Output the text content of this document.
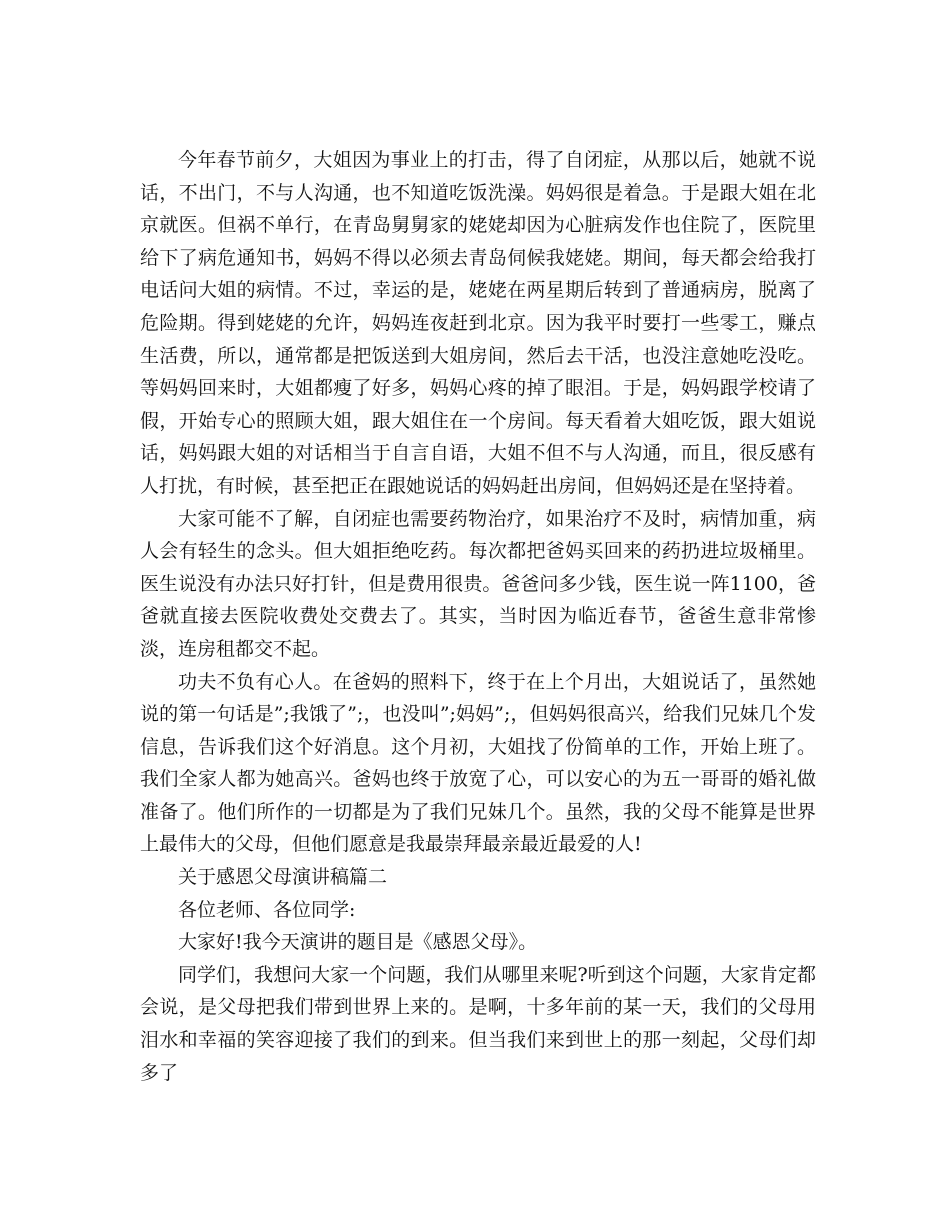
今年春节前夕，大姐因为事业上的打击，得了自闭症，从那以后，她就不说话，不出门，不与人沟通，也不知道吃饭洗澡。妈妈很是着急。于是跟大姐在北京就医。但祸不单行，在青岛舅舅家的姥姥却因为心脏病发作也住院了，医院里给下了病危通知书，妈妈不得以必须去青岛伺候我姥姥。期间，每天都会给我打电话问大姐的病情。不过，幸运的是，姥姥在两星期后转到了普通病房，脱离了危险期。得到姥姥的允许，妈妈连夜赶到北京。因为我平时要打一些零工，赚点生活费，所以，通常都是把饭送到大姐房间，然后去干活，也没注意她吃没吃。等妈妈回来时，大姐都瘦了好多，妈妈心疼的掉了眼泪。于是，妈妈跟学校请了假，开始专心的照顾大姐，跟大姐住在一个房间。每天看着大姐吃饭，跟大姐说话，妈妈跟大姐的对话相当于自言自语，大姐不但不与人沟通，而且，很反感有人打扰，有时候，甚至把正在跟她说话的妈妈赶出房间，但妈妈还是在坚持着。

大家可能不了解，自闭症也需要药物治疗，如果治疗不及时，病情加重，病人会有轻生的念头。但大姐拒绝吃药。每次都把爸妈买回来的药扔进垃圾桶里。医生说没有办法只好打针，但是费用很贵。爸爸问多少钱，医生说一阵1100，爸爸就直接去医院收费处交费去了。其实，当时因为临近春节，爸爸生意非常惨淡，连房租都交不起。

功夫不负有心人。在爸妈的照料下，终于在上个月出，大姐说话了，虽然她说的第一句话是”;我饿了”;，也没叫”;妈妈”;，但妈妈很高兴，给我们兄妹几个发信息，告诉我们这个好消息。这个月初，大姐找了份简单的工作，开始上班了。我们全家人都为她高兴。爸妈也终于放宽了心，可以安心的为五一哥哥的婚礼做准备了。他们所作的一切都是为了我们兄妹几个。虽然，我的父母不能算是世界上最伟大的父母，但他们愿意是我最崇拜最亲最近最爱的人!

关于感恩父母演讲稿篇二

各位老师、各位同学:

大家好!我今天演讲的题目是《感恩父母》。

同学们，我想问大家一个问题，我们从哪里来呢?听到这个问题，大家肯定都会说，是父母把我们带到世界上来的。是啊，十多年前的某一天，我们的父母用泪水和幸福的笑容迎接了我们的到来。但当我们来到世上的那一刻起，父母们却多了
